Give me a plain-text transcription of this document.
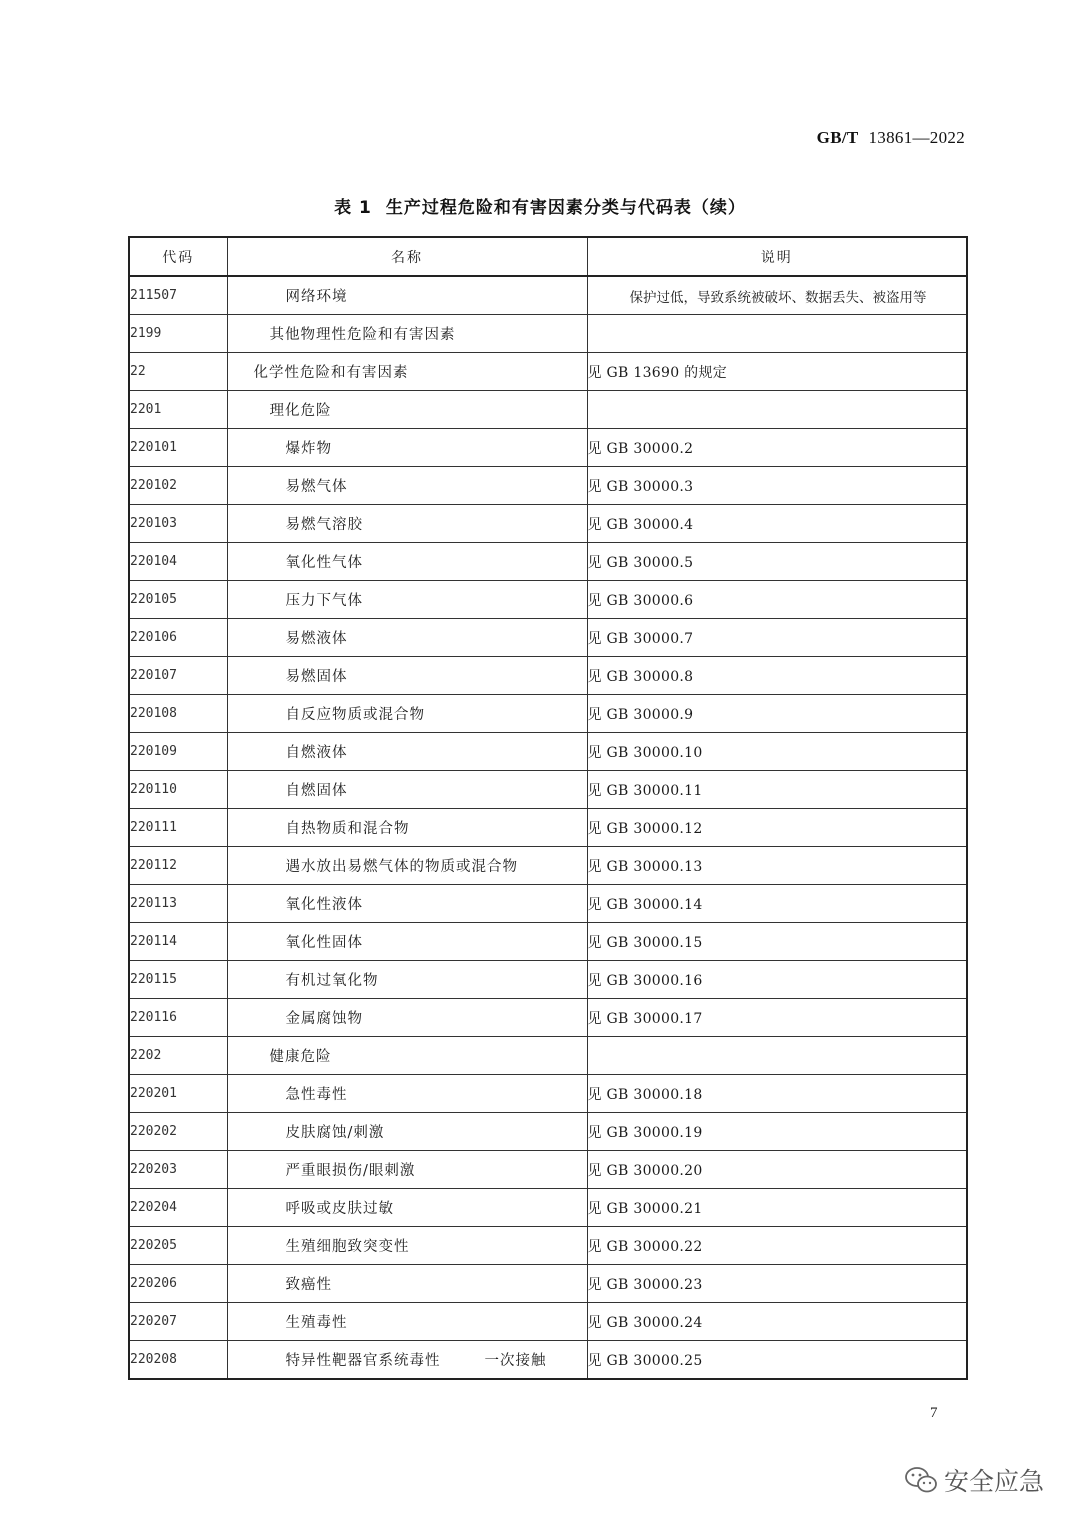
GB/T 13861—2022
表 1 生产过程危险和有害因素分类与代码表（续）
代码	名称	说明
211507	网络环境	保护过低，导致系统被破坏、数据丢失、被盗用等
2199	其他物理性危险和有害因素	
22	化学性危险和有害因素	见 GB 13690 的规定
2201	理化危险	
220101	爆炸物	见 GB 30000.2
220102	易燃气体	见 GB 30000.3
220103	易燃气溶胶	见 GB 30000.4
220104	氧化性气体	见 GB 30000.5
220105	压力下气体	见 GB 30000.6
220106	易燃液体	见 GB 30000.7
220107	易燃固体	见 GB 30000.8
220108	自反应物质或混合物	见 GB 30000.9
220109	自燃液体	见 GB 30000.10
220110	自燃固体	见 GB 30000.11
220111	自热物质和混合物	见 GB 30000.12
220112	遇水放出易燃气体的物质或混合物	见 GB 30000.13
220113	氧化性液体	见 GB 30000.14
220114	氧化性固体	见 GB 30000.15
220115	有机过氧化物	见 GB 30000.16
220116	金属腐蚀物	见 GB 30000.17
2202	健康危险	
220201	急性毒性	见 GB 30000.18
220202	皮肤腐蚀/刺激	见 GB 30000.19
220203	严重眼损伤/眼刺激	见 GB 30000.20
220204	呼吸或皮肤过敏	见 GB 30000.21
220205	生殖细胞致突变性	见 GB 30000.22
220206	致癌性	见 GB 30000.23
220207	生殖毒性	见 GB 30000.24
220208	特异性靶器官系统毒性 一次接触	见 GB 30000.25
7
安全应急
